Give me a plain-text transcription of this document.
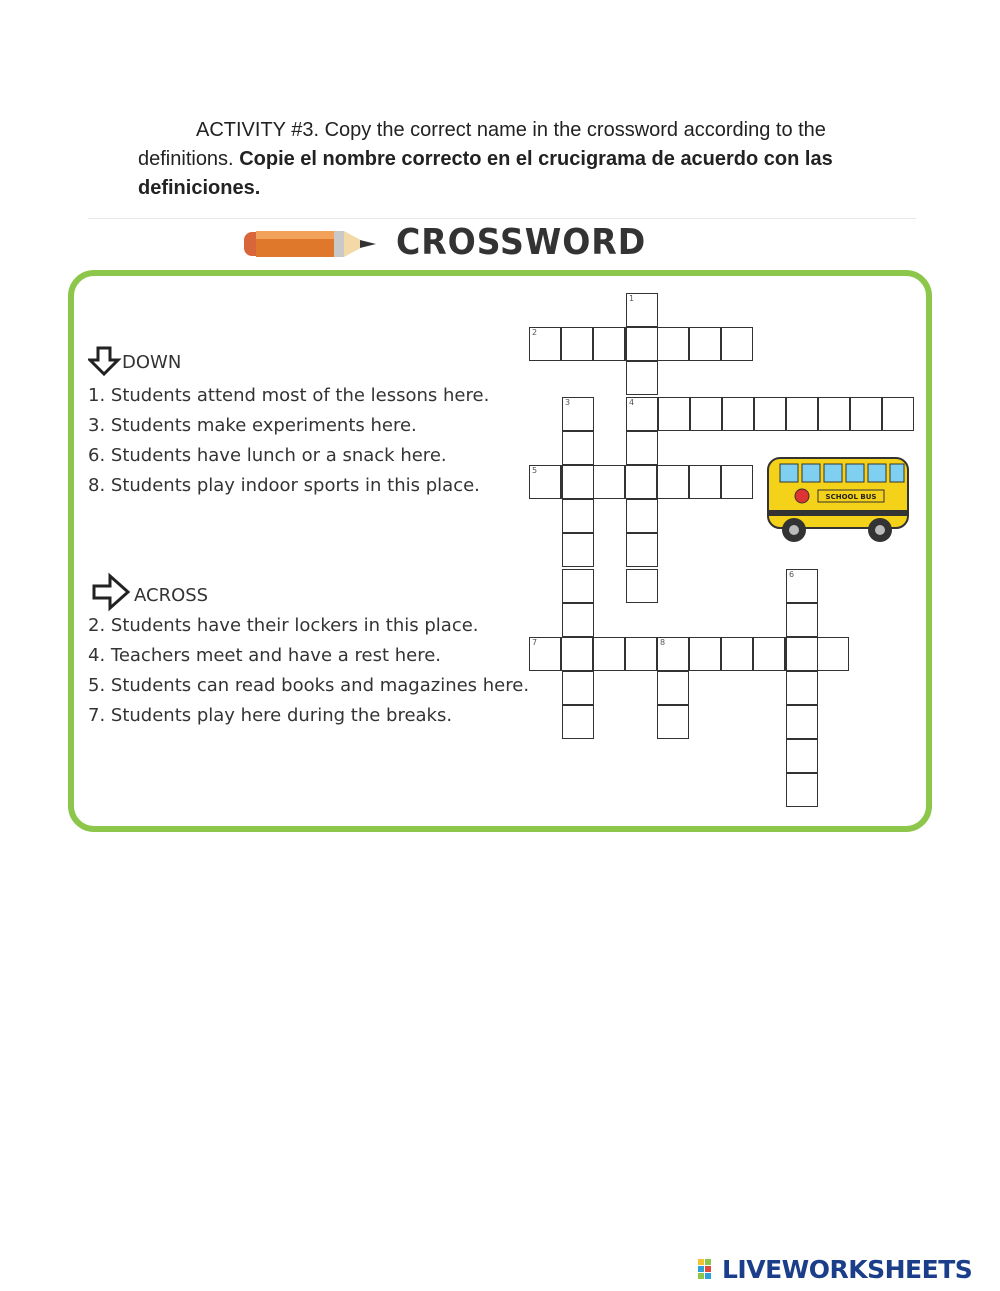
ACTIVITY #3. Copy the correct name in the crossword according to the definitions. Copie el nombre correcto en el crucigrama de acuerdo con las definiciones.
CROSSWORD
DOWN
1. Students attend most of the lessons here.
3. Students make experiments here.
6. Students have lunch or a snack here.
8. Students play indoor sports in this place.
ACROSS
2. Students have their lockers in this place.
4. Teachers meet and have a rest here.
5. Students can read books and magazines here.
7. Students play here during the breaks.
2
1
4
5
3
7	8
6
SCHOOL BUS
LIVEWORKSHEETS
